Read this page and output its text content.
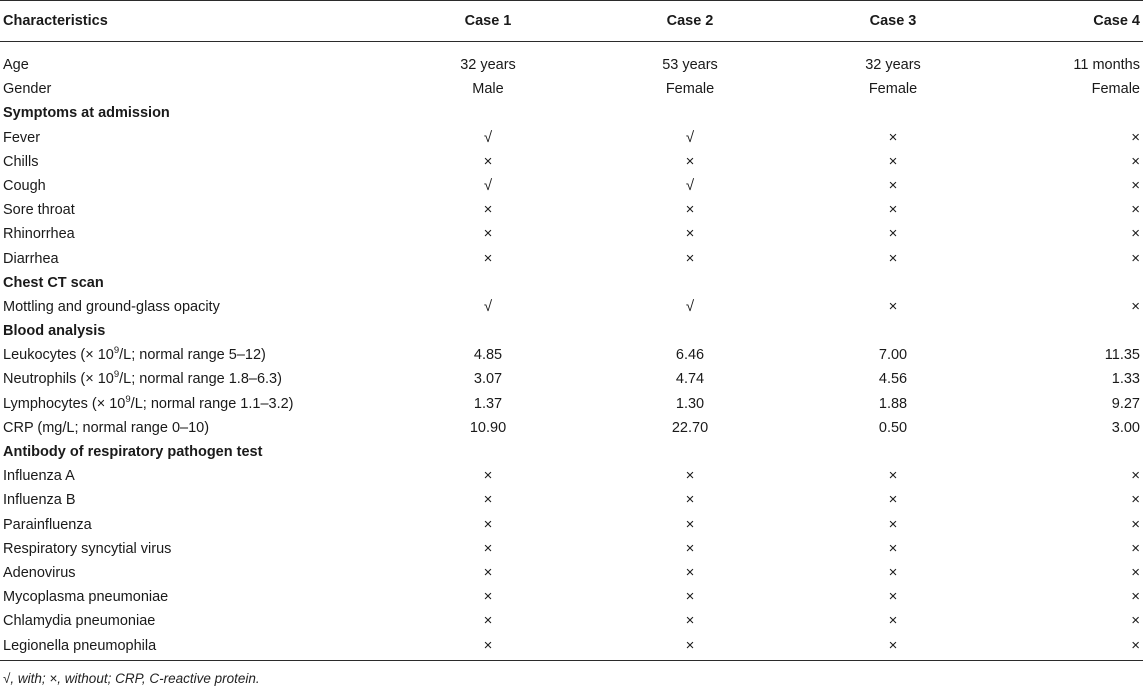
Characteristics	Case 1	Case 2	Case 3	Case 4
Age	32 years	53 years	32 years	11 months
Gender	Male	Female	Female	Female
Symptoms at admission
Fever	√	√	×	×
Chills	×	×	×	×
Cough	√	√	×	×
Sore throat	×	×	×	×
Rhinorrhea	×	×	×	×
Diarrhea	×	×	×	×
Chest CT scan
Mottling and ground-glass opacity	√	√	×	×
Blood analysis
Leukocytes (× $10^9/L$; normal range 5–12)	4.85	6.46	7.00	11.35
Neutrophils (× $10^9/L$; normal range 1.8–6.3)	3.07	4.74	4.56	1.33
Lymphocytes (× $10^9/L$; normal range 1.1–3.2)	1.37	1.30	1.88	9.27
CRP (mg/L; normal range 0–10)	10.90	22.70	0.50	3.00
Antibody of respiratory pathogen test
Influenza A	×	×	×	×
Influenza B	×	×	×	×
Parainfluenza	×	×	×	×
Respiratory syncytial virus	×	×	×	×
Adenovirus	×	×	×	×
Mycoplasma pneumoniae	×	×	×	×
Chlamydia pneumoniae	×	×	×	×
Legionella pneumophila	×	×	×	×
√, with; ×, without; CRP, C-reactive protein.
